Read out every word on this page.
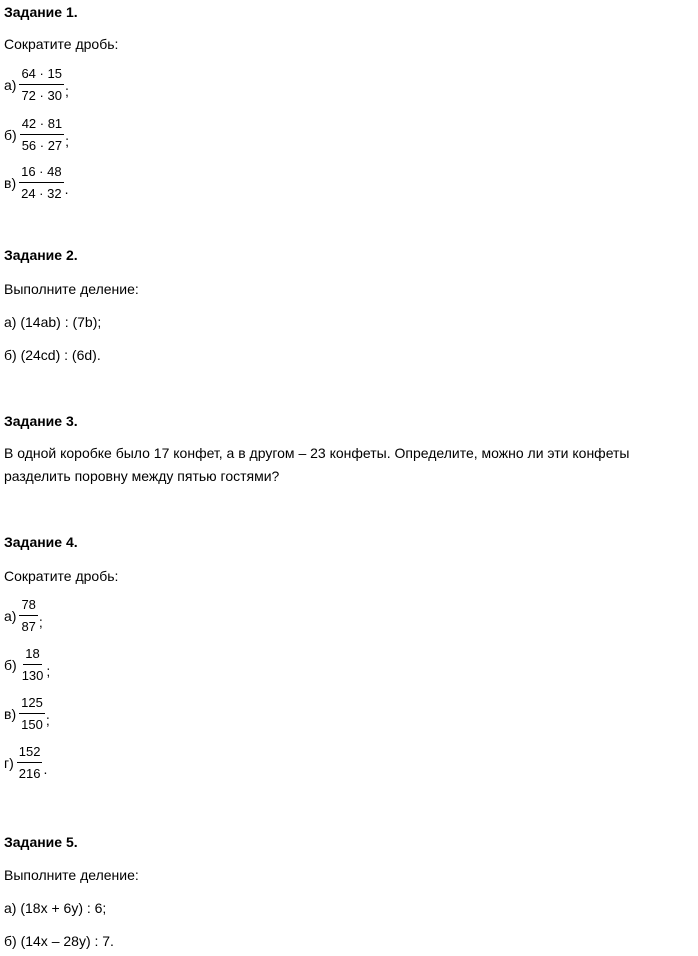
Задание 1.
Сократите дробь:
$а) \frac{64 \cdot 15}{72 \cdot 30}$ ;
$б) \frac{42 \cdot 81}{56 \cdot 27}$ ;
$в) \frac{16 \cdot 48}{24 \cdot 32}$ .
Задание 2.
Выполните деление:
а) (14ab) : (7b);
б) (24cd) : (6d).
Задание 3.
В одной коробке было 17 конфет, а в другом – 23 конфеты. Определите, можно ли эти конфеты разделить поровну между пятью гостями?
Задание 4.
Сократите дробь:
$а) \frac{78}{87}$ ;
$б) \frac{18}{130}$ ;
$в) \frac{125}{150}$ ;
$г) \frac{152}{216}$ .
Задание 5.
Выполните деление:
а) (18x + 6y) : 6;
б) (14x – 28y) : 7.
